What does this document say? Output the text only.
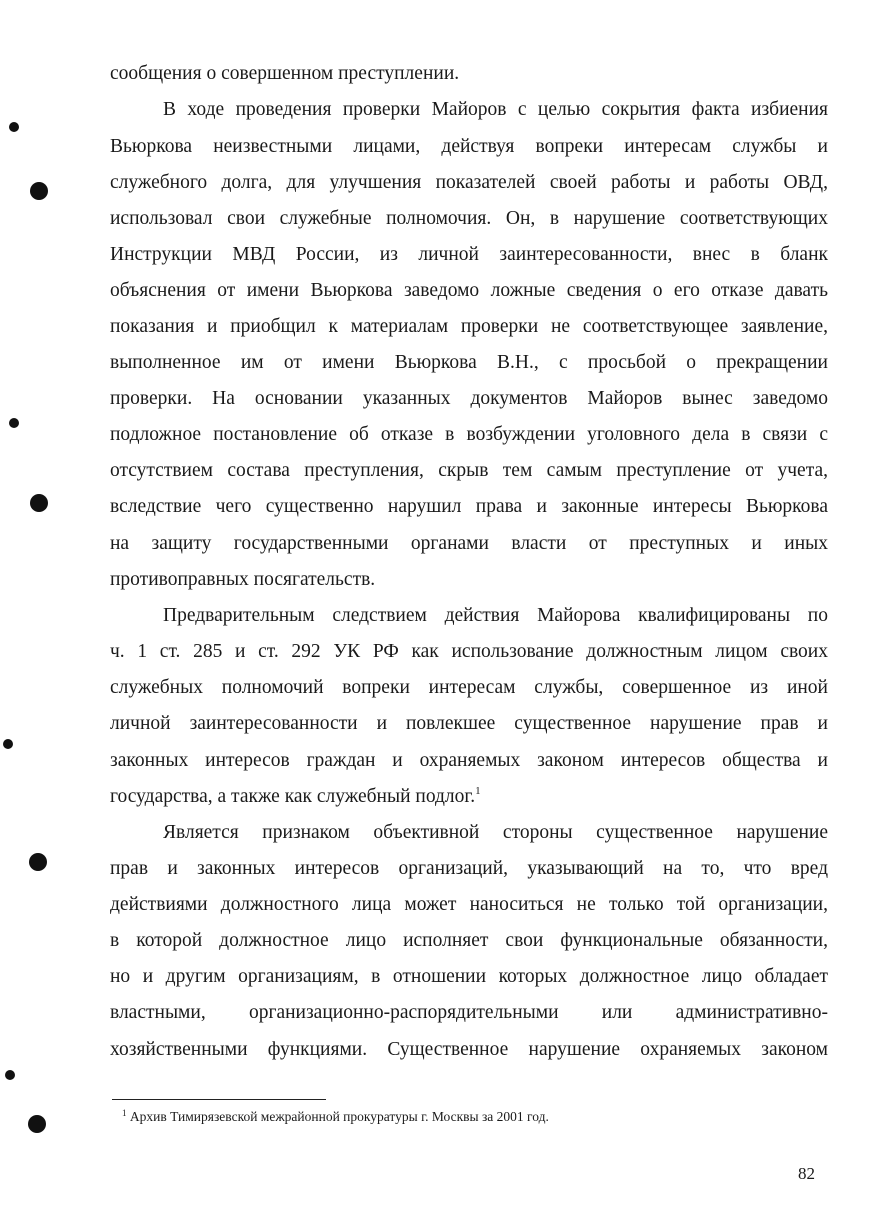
сообщения о совершенном преступлении.
В ходе проведения проверки Майоров с целью сокрытия факта избиения
Вьюркова неизвестными лицами, действуя вопреки интересам службы и
служебного долга, для улучшения показателей своей работы и работы ОВД,
использовал свои служебные полномочия. Он, в нарушение соответствующих
Инструкции МВД России, из личной заинтересованности, внес в бланк
объяснения от имени Вьюркова заведомо ложные сведения о его отказе давать
показания и приобщил к материалам проверки не соответствующее заявление,
выполненное им от имени Вьюркова В.Н., с просьбой о прекращении
проверки. На основании указанных документов Майоров вынес заведомо
подложное постановление об отказе в возбуждении уголовного дела в связи с
отсутствием состава преступления, скрыв тем самым преступление от учета,
вследствие чего существенно нарушил права и законные интересы Вьюркова
на защиту государственными органами власти от преступных и иных
противоправных посягательств.
Предварительным следствием действия Майорова квалифицированы по
ч. 1 ст. 285 и ст. 292 УК РФ как использование должностным лицом своих
служебных полномочий вопреки интересам службы, совершенное из иной
личной заинтересованности и повлекшее существенное нарушение прав и
законных интересов граждан и охраняемых законом интересов общества и
государства, а также как служебный подлог.$^1$
Является признаком объективной стороны существенное нарушение
прав и законных интересов организаций, указывающий на то, что вред
действиями должностного лица может наноситься не только той организации,
в которой должностное лицо исполняет свои функциональные обязанности,
но и другим организациям, в отношении которых должностное лицо обладает
властными, организационно-распорядительными или административно-
хозяйственными функциями. Существенное нарушение охраняемых законом
$^1$ Архив Тимирязевской межрайонной прокуратуры г. Москвы за 2001 год.
82
